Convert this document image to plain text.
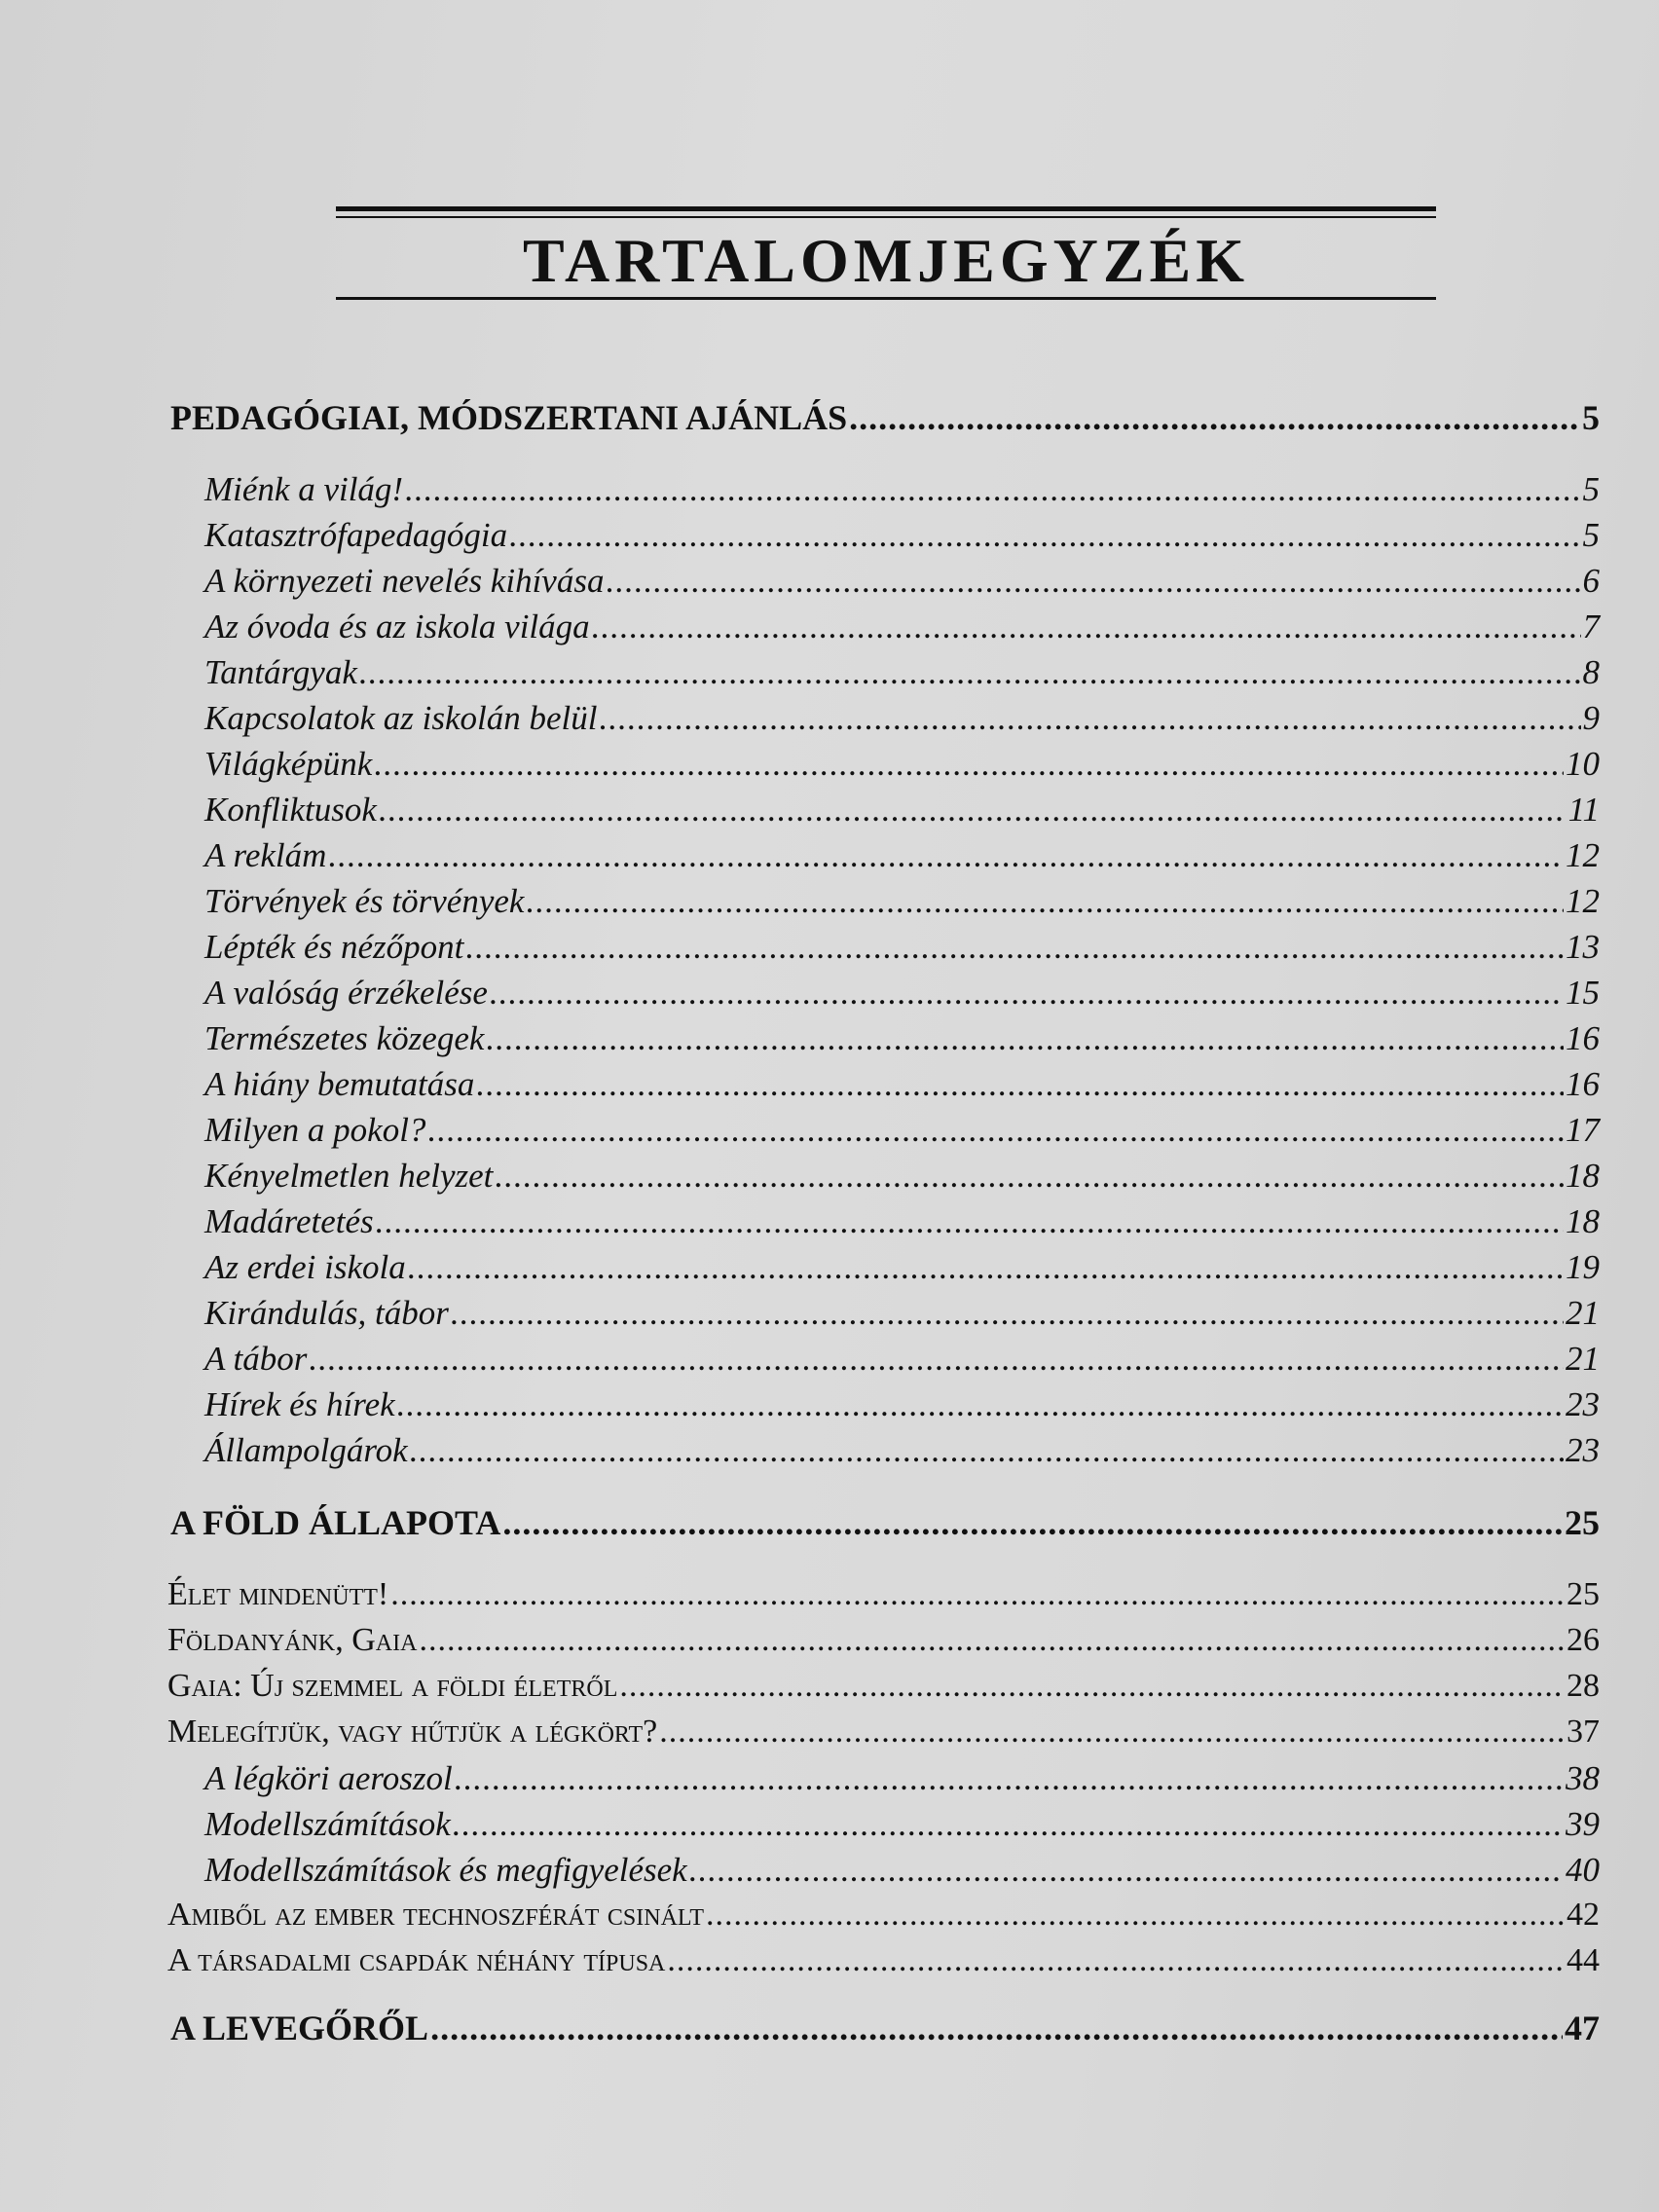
TARTALOMJEGYZÉK
PEDAGÓGIAI, MÓDSZERTANI AJÁNLÁS .....	5
Miénk a világ! .....	5
Katasztrófapedagógia .....	5
A környezeti nevelés kihívása .....	6
Az óvoda és az iskola világa .....	7
Tantárgyak .....	8
Kapcsolatok az iskolán belül .....	9
Világképünk .....	10
Konfliktusok .....	11
A reklám .....	12
Törvények és törvények .....	12
Lépték és nézőpont .....	13
A valóság érzékelése .....	15
Természetes közegek .....	16
A hiány bemutatása .....	16
Milyen a pokol? .....	17
Kényelmetlen helyzet .....	18
Madáretetés .....	18
Az erdei iskola .....	19
Kirándulás, tábor .....	21
A tábor .....	21
Hírek és hírek .....	23
Állampolgárok .....	23
A FÖLD ÁLLAPOTA .....	25
Élet mindenütt! .....	25
Földanyánk, Gaia .....	26
Gaia: Új szemmel a földi életről .....	28
Melegítjük, vagy hűtjük a légkört? .....	37
A légköri aeroszol .....	38
Modellszámítások .....	39
Modellszámítások és megfigyelések .....	40
Amiből az ember technoszférát csinált .....	42
A társadalmi csapdák néhány típusa .....	44
A LEVEGŐRŐL .....	47
